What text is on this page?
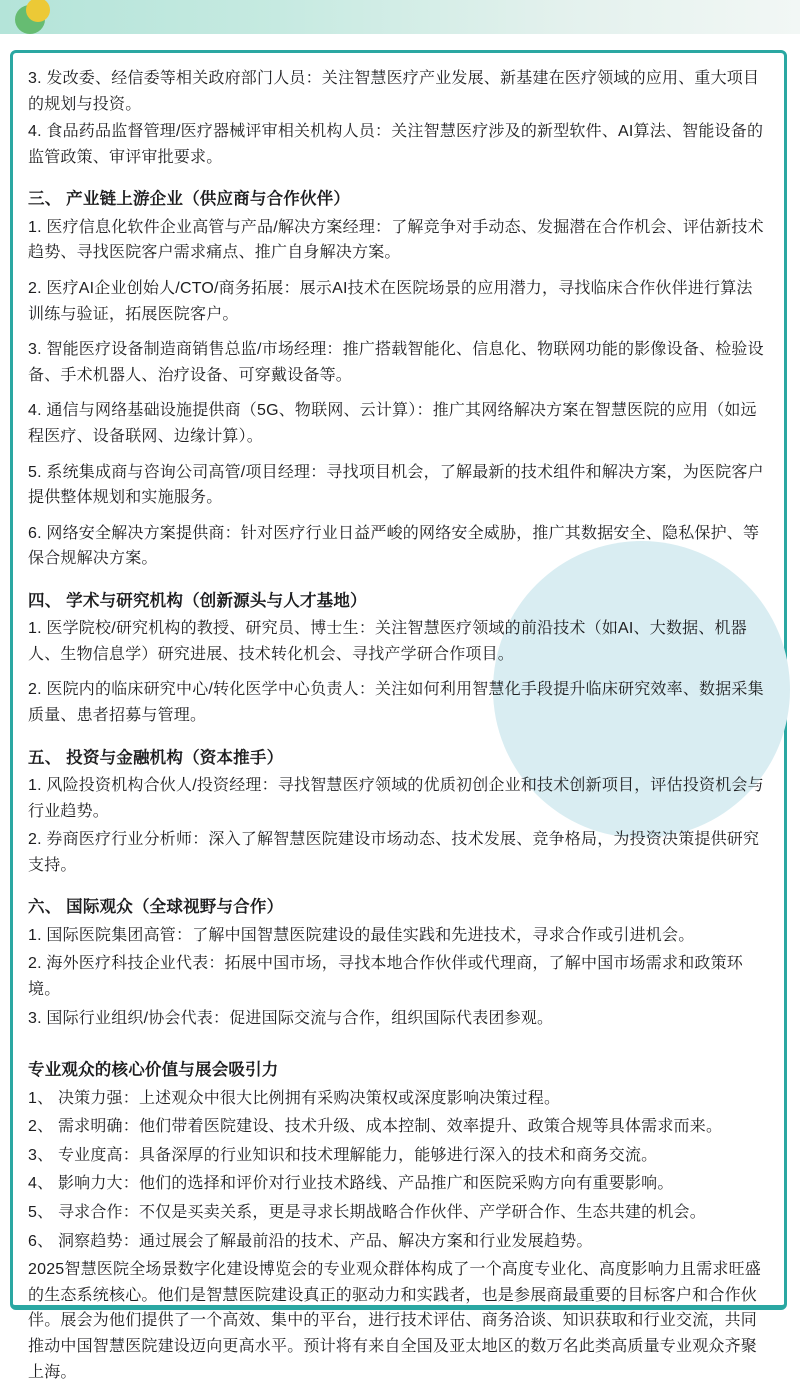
3. 发改委、经信委等相关政府部门人员：关注智慧医疗产业发展、新基建在医疗领域的应用、重大项目的规划与投资。

4. 食品药品监督管理/医疗器械评审相关机构人员：关注智慧医疗涉及的新型软件、AI算法、智能设备的监管政策、审评审批要求。

三、 产业链上游企业（供应商与合作伙伴）

1. 医疗信息化软件企业高管与产品/解决方案经理：了解竞争对手动态、发掘潜在合作机会、评估新技术趋势、寻找医院客户需求痛点、推广自身解决方案。

2. 医疗AI企业创始人/CTO/商务拓展：展示AI技术在医院场景的应用潜力，寻找临床合作伙伴进行算法训练与验证，拓展医院客户。

3. 智能医疗设备制造商销售总监/市场经理：推广搭载智能化、信息化、物联网功能的影像设备、检验设备、手术机器人、治疗设备、可穿戴设备等。

4. 通信与网络基础设施提供商（5G、物联网、云计算）：推广其网络解决方案在智慧医院的应用（如远程医疗、设备联网、边缘计算）。

5. 系统集成商与咨询公司高管/项目经理：寻找项目机会，了解最新的技术组件和解决方案，为医院客户提供整体规划和实施服务。

6. 网络安全解决方案提供商：针对医疗行业日益严峻的网络安全威胁，推广其数据安全、隐私保护、等保合规解决方案。

四、 学术与研究机构（创新源头与人才基地）

1. 医学院校/研究机构的教授、研究员、博士生：关注智慧医疗领域的前沿技术（如AI、大数据、机器人、生物信息学）研究进展、技术转化机会、寻找产学研合作项目。

2. 医院内的临床研究中心/转化医学中心负责人：关注如何利用智慧化手段提升临床研究效率、数据采集质量、患者招募与管理。

五、 投资与金融机构（资本推手）

1. 风险投资机构合伙人/投资经理：寻找智慧医疗领域的优质初创企业和技术创新项目，评估投资机会与行业趋势。

2. 券商医疗行业分析师：深入了解智慧医院建设市场动态、技术发展、竞争格局，为投资决策提供研究支持。

六、 国际观众（全球视野与合作）

1. 国际医院集团高管：了解中国智慧医院建设的最佳实践和先进技术，寻求合作或引进机会。

2. 海外医疗科技企业代表：拓展中国市场，寻找本地合作伙伴或代理商，了解中国市场需求和政策环境。

3. 国际行业组织/协会代表：促进国际交流与合作，组织国际代表团参观。

专业观众的核心价值与展会吸引力

1、 决策力强：上述观众中很大比例拥有采购决策权或深度影响决策过程。

2、 需求明确：他们带着医院建设、技术升级、成本控制、效率提升、政策合规等具体需求而来。

3、 专业度高：具备深厚的行业知识和技术理解能力，能够进行深入的技术和商务交流。

4、 影响力大：他们的选择和评价对行业技术路线、产品推广和医院采购方向有重要影响。

5、 寻求合作：不仅是买卖关系，更是寻求长期战略合作伙伴、产学研合作、生态共建的机会。

6、 洞察趋势：通过展会了解最前沿的技术、产品、解决方案和行业发展趋势。

2025智慧医院全场景数字化建设博览会的专业观众群体构成了一个高度专业化、高度影响力且需求旺盛的生态系统核心。他们是智慧医院建设真正的驱动力和实践者，也是参展商最重要的目标客户和合作伙伴。展会为他们提供了一个高效、集中的平台，进行技术评估、商务洽谈、知识获取和行业交流，共同推动中国智慧医院建设迈向更高水平。预计将有来自全国及亚太地区的数万名此类高质量专业观众齐聚上海。
